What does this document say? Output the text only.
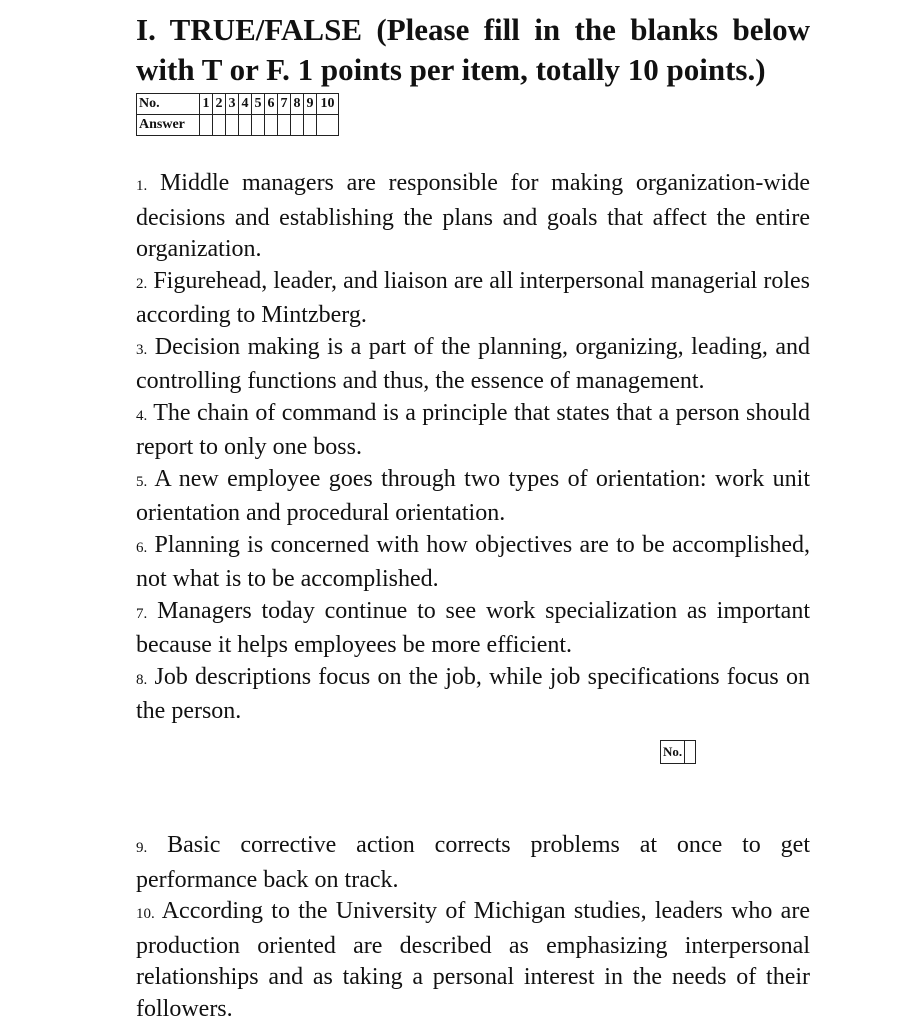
I. TRUE/FALSE (Please fill in the blanks below with T or F. 1 points per item, totally 10 points.)
No.	1	2	3	4	5	6	7	8	9	10
Answer										

1. Middle managers are responsible for making organization-wide decisions and establishing the plans and goals that affect the entire organization.

2. Figurehead, leader, and liaison are all interpersonal managerial roles according to Mintzberg.

3. Decision making is a part of the planning, organizing, leading, and controlling functions and thus, the essence of management.

4. The chain of command is a principle that states that a person should report to only one boss.

5. A new employee goes through two types of orientation: work unit orientation and procedural orientation.

6. Planning is concerned with how objectives are to be accomplished, not what is to be accomplished.

7. Managers today continue to see work specialization as important because it helps employees be more efficient.

8. Job descriptions focus on the job, while job specifications focus on the person.

No.	

9. Basic corrective action corrects problems at once to get performance back on track.

10. According to the University of Michigan studies, leaders who are production oriented are described as emphasizing interpersonal relationships and as taking a personal interest in the needs of their followers.
